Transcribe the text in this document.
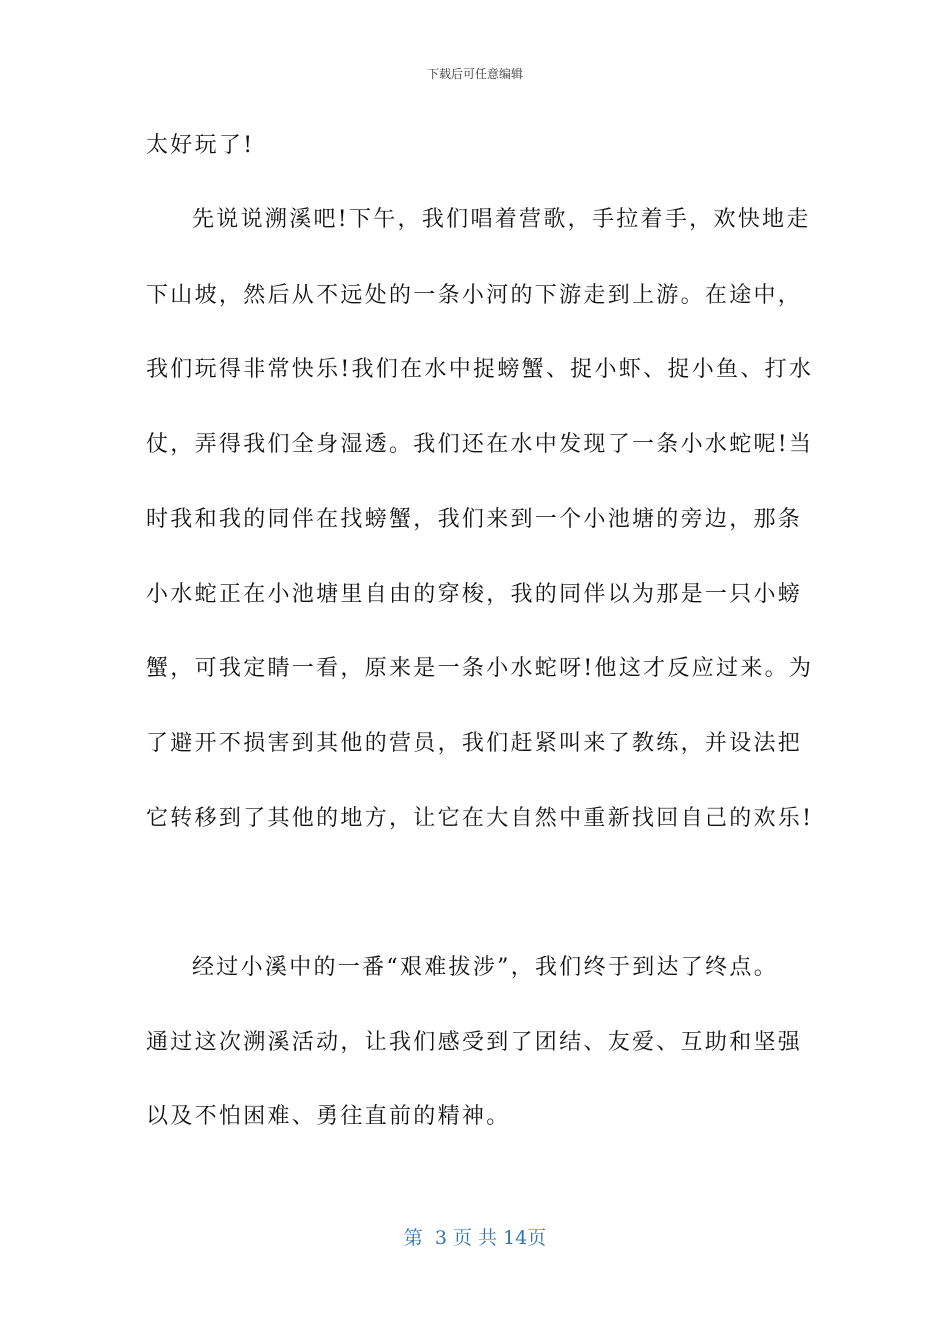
下载后可任意编辑
太好玩了!
先说说溯溪吧!下午，我们唱着营歌，手拉着手，欢快地走
下山坡，然后从不远处的一条小河的下游走到上游。在途中，
我们玩得非常快乐!我们在水中捉螃蟹、捉小虾、捉小鱼、打水
仗，弄得我们全身湿透。我们还在水中发现了一条小水蛇呢!当
时我和我的同伴在找螃蟹，我们来到一个小池塘的旁边，那条
小水蛇正在小池塘里自由的穿梭，我的同伴以为那是一只小螃
蟹，可我定睛一看，原来是一条小水蛇呀!他这才反应过来。为
了避开不损害到其他的营员，我们赶紧叫来了教练，并设法把
它转移到了其他的地方，让它在大自然中重新找回自己的欢乐!
经过小溪中的一番“艰难拔涉”，我们终于到达了终点。
通过这次溯溪活动，让我们感受到了团结、友爱、互助和坚强
以及不怕困难、勇往直前的精神。
第  3 页 共 14页
